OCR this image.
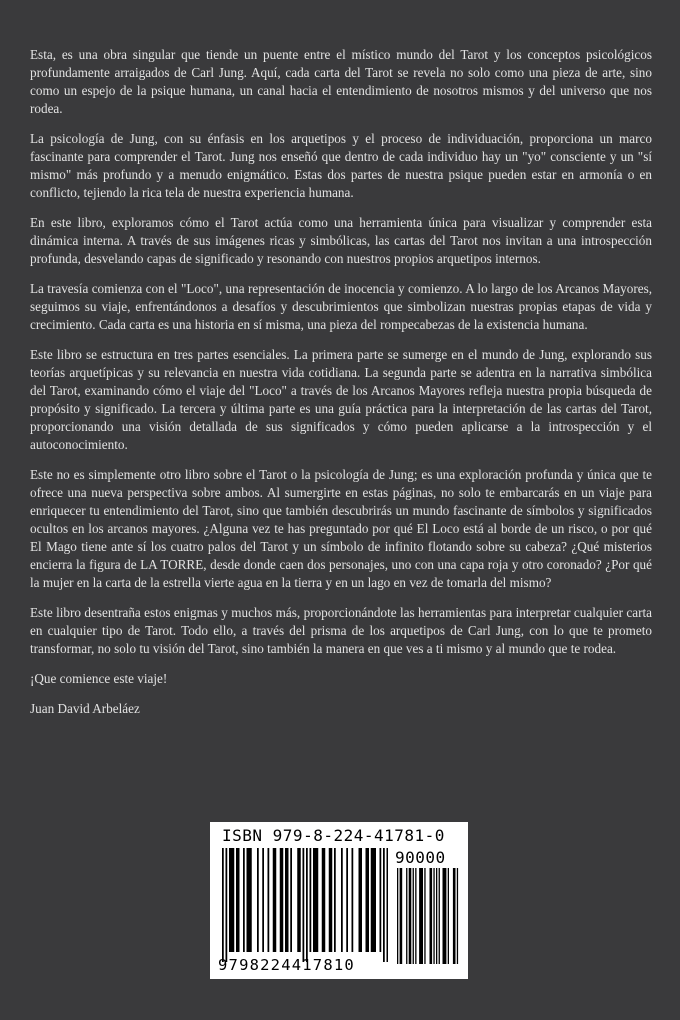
Esta, es una obra singular que tiende un puente entre el místico mundo del Tarot y los conceptos psicológicos profundamente arraigados de Carl Jung. Aquí, cada carta del Tarot se revela no solo como una pieza de arte, sino como un espejo de la psique humana, un canal hacia el entendimiento de nosotros mismos y del universo que nos rodea.

La psicología de Jung, con su énfasis en los arquetipos y el proceso de individuación, proporciona un marco fascinante para comprender el Tarot. Jung nos enseñó que dentro de cada individuo hay un "yo" consciente y un "sí mismo" más profundo y a menudo enigmático. Estas dos partes de nuestra psique pueden estar en armonía o en conflicto, tejiendo la rica tela de nuestra experiencia humana.

En este libro, exploramos cómo el Tarot actúa como una herramienta única para visualizar y comprender esta dinámica interna. A través de sus imágenes ricas y simbólicas, las cartas del Tarot nos invitan a una introspección profunda, desvelando capas de significado y resonando con nuestros propios arquetipos internos.

La travesía comienza con el "Loco", una representación de inocencia y comienzo. A lo largo de los Arcanos Mayores, seguimos su viaje, enfrentándonos a desafíos y descubrimientos que simbolizan nuestras propias etapas de vida y crecimiento. Cada carta es una historia en sí misma, una pieza del rompecabezas de la existencia humana.

Este libro se estructura en tres partes esenciales. La primera parte se sumerge en el mundo de Jung, explorando sus teorías arquetípicas y su relevancia en nuestra vida cotidiana. La segunda parte se adentra en la narrativa simbólica del Tarot, examinando cómo el viaje del "Loco" a través de los Arcanos Mayores refleja nuestra propia búsqueda de propósito y significado. La tercera y última parte es una guía práctica para la interpretación de las cartas del Tarot, proporcionando una visión detallada de sus significados y cómo pueden aplicarse a la introspección y el autoconocimiento.

Este no es simplemente otro libro sobre el Tarot o la psicología de Jung; es una exploración profunda y única que te ofrece una nueva perspectiva sobre ambos. Al sumergirte en estas páginas, no solo te embarcarás en un viaje para enriquecer tu entendimiento del Tarot, sino que también descubrirás un mundo fascinante de símbolos y significados ocultos en los arcanos mayores. ¿Alguna vez te has preguntado por qué El Loco está al borde de un risco, o por qué El Mago tiene ante sí los cuatro palos del Tarot y un símbolo de infinito flotando sobre su cabeza? ¿Qué misterios encierra la figura de LA TORRE, desde donde caen dos personajes, uno con una capa roja y otro coronado? ¿Por qué la mujer en la carta de la estrella vierte agua en la tierra y en un lago en vez de tomarla del mismo?

Este libro desentraña estos enigmas y muchos más, proporcionándote las herramientas para interpretar cualquier carta en cualquier tipo de Tarot. Todo ello, a través del prisma de los arquetipos de Carl Jung, con lo que te prometo transformar, no solo tu visión del Tarot, sino también la manera en que ves a ti mismo y al mundo que te rodea.

¡Que comience este viaje!

Juan David Arbeláez

ISBN 979-8-224-41781-0
90000
9798224417810
